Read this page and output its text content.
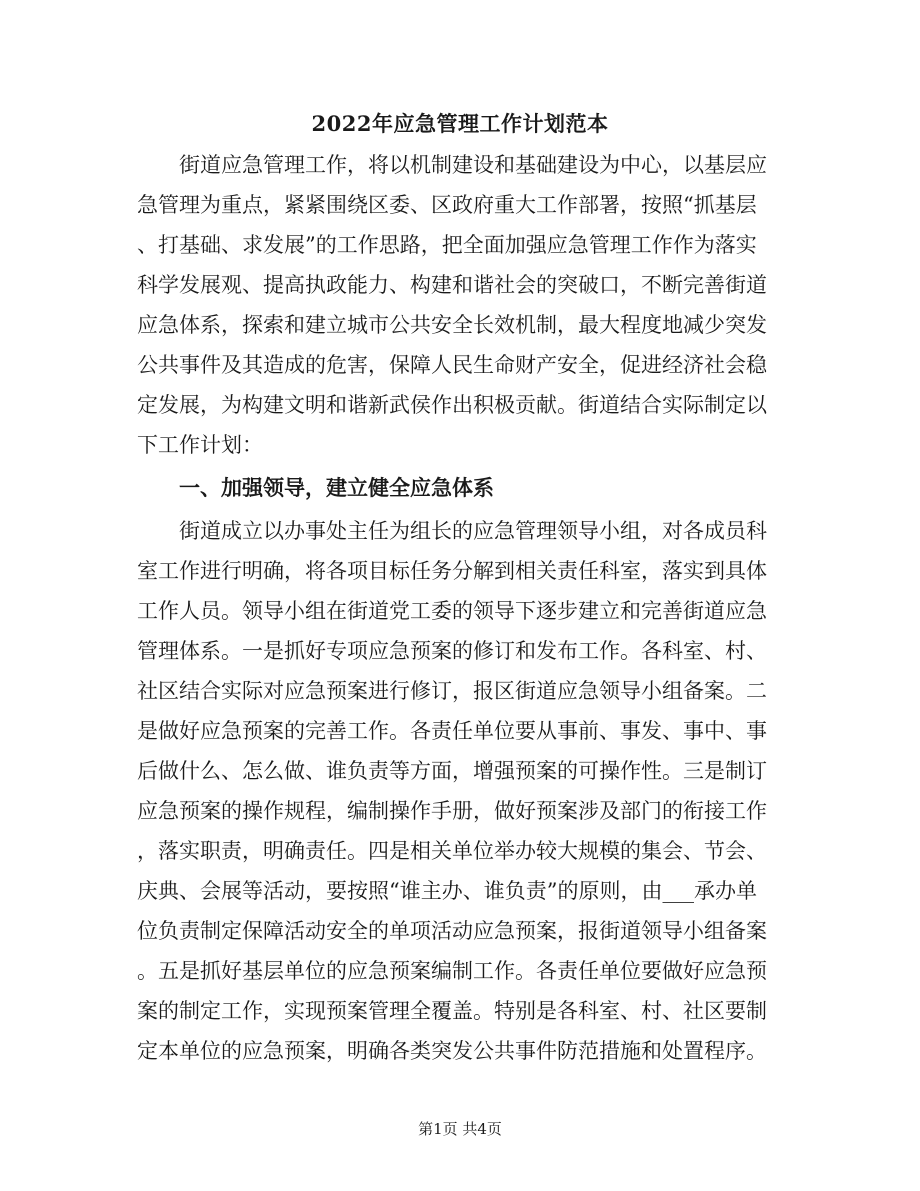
2022年应急管理工作计划范本
　　街道应急管理工作，将以机制建设和基础建设为中心，以基层应
急管理为重点，紧紧围绕区委、区政府重大工作部署，按照“抓基层
、打基础、求发展”的工作思路，把全面加强应急管理工作作为落实
科学发展观、提高执政能力、构建和谐社会的突破口，不断完善街道
应急体系，探索和建立城市公共安全长效机制，最大程度地减少突发
公共事件及其造成的危害，保障人民生命财产安全，促进经济社会稳
定发展，为构建文明和谐新武侯作出积极贡献。街道结合实际制定以
下工作计划：
　　一、加强领导，建立健全应急体系
　　街道成立以办事处主任为组长的应急管理领导小组，对各成员科
室工作进行明确，将各项目标任务分解到相关责任科室，落实到具体
工作人员。领导小组在街道党工委的领导下逐步建立和完善街道应急
管理体系。一是抓好专项应急预案的修订和发布工作。各科室、村、
社区结合实际对应急预案进行修订，报区街道应急领导小组备案。二
是做好应急预案的完善工作。各责任单位要从事前、事发、事中、事
后做什么、怎么做、谁负责等方面，增强预案的可操作性。三是制订
应急预案的操作规程，编制操作手册，做好预案涉及部门的衔接工作
，落实职责，明确责任。四是相关单位举办较大规模的集会、节会、
庆典、会展等活动，要按照“谁主办、谁负责”的原则，由___承办单
位负责制定保障活动安全的单项活动应急预案，报街道领导小组备案
。五是抓好基层单位的应急预案编制工作。各责任单位要做好应急预
案的制定工作，实现预案管理全覆盖。特别是各科室、村、社区要制
定本单位的应急预案，明确各类突发公共事件防范措施和处置程序。
第1页 共4页
